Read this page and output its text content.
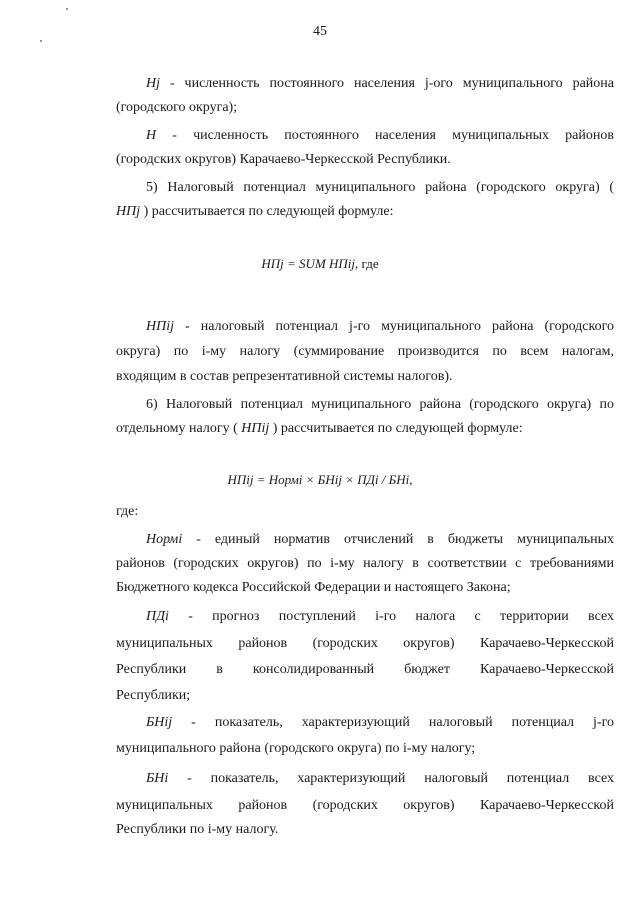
45

Hj - численность постоянного населения j-ого муниципального района

(городского округа);

H - численность постоянного населения муниципальных районов

(городских округов) Карачаево-Черкесской Республики.

5) Налоговый потенциал муниципального района (городского округа) (

НПj ) рассчитывается по следующей формуле:

НПj = SUM НПij, где

НПij - налоговый потенциал j-го муниципального района (городского

округа) по i-му налогу (суммирование производится по всем налогам,

входящим в состав репрезентативной системы налогов).

6) Налоговый потенциал муниципального района (городского округа) по

отдельному налогу ( НПij ) рассчитывается по следующей формуле:

НПij = Нормi × БНij × ПДi / БНi,

где:

Нормi - единый норматив отчислений в бюджеты муниципальных

районов (городских округов) по i-му налогу в соответствии с требованиями

Бюджетного кодекса Российской Федерации и настоящего Закона;

ПДi - прогноз поступлений i-го налога с территории всех

муниципальных районов (городских округов) Карачаево-Черкесской

Республики в консолидированный бюджет Карачаево-Черкесской

Республики;

БНij - показатель, характеризующий налоговый потенциал j-го

муниципального района (городского округа) по i-му налогу;

БНi - показатель, характеризующий налоговый потенциал всех

муниципальных районов (городских округов) Карачаево-Черкесской

Республики по i-му налогу.
